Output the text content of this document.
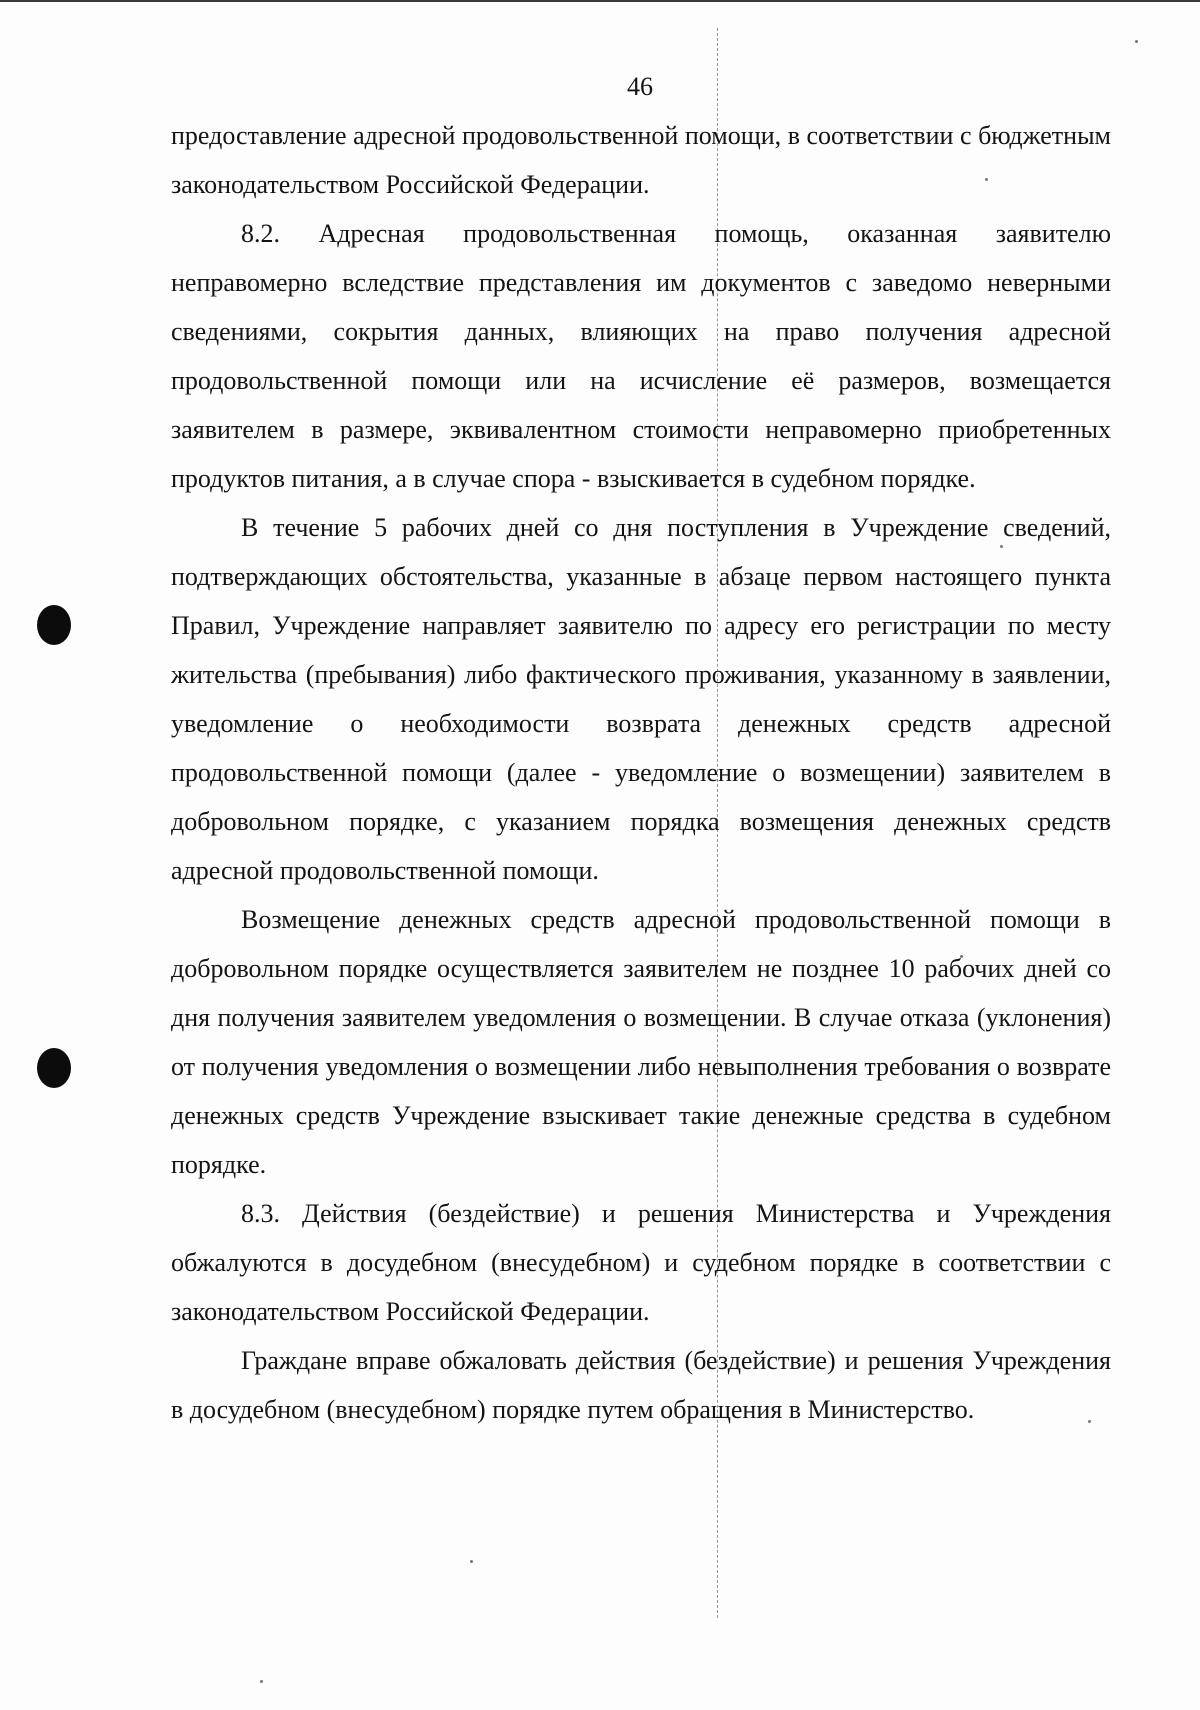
46

предоставление адресной продовольственной помощи, в соответствии с бюджетным законодательством Российской Федерации.

8.2. Адресная продовольственная помощь, оказанная заявителю неправомерно вследствие представления им документов с заведомо неверными сведениями, сокрытия данных, влияющих на право получения адресной продовольственной помощи или на исчисление её размеров, возмещается заявителем в размере, эквивалентном стоимости неправомерно приобретенных продуктов питания, а в случае спора - взыскивается в судебном порядке.

В течение 5 рабочих дней со дня поступления в Учреждение сведений, подтверждающих обстоятельства, указанные в абзаце первом настоящего пункта Правил, Учреждение направляет заявителю по адресу его регистрации по месту жительства (пребывания) либо фактического проживания, указанному в заявлении, уведомление о необходимости возврата денежных средств адресной продовольственной помощи (далее - уведомление о возмещении) заявителем в добровольном порядке, с указанием порядка возмещения денежных средств адресной продовольственной помощи.

Возмещение денежных средств адресной продовольственной помощи в добровольном порядке осуществляется заявителем не позднее 10 рабочих дней со дня получения заявителем уведомления о возмещении. В случае отказа (уклонения) от получения уведомления о возмещении либо невыполнения требования о возврате денежных средств Учреждение взыскивает такие денежные средства в судебном порядке.

8.3. Действия (бездействие) и решения Министерства и Учреждения обжалуются в досудебном (внесудебном) и судебном порядке в соответствии с законодательством Российской Федерации.

Граждане вправе обжаловать действия (бездействие) и решения Учреждения в досудебном (внесудебном) порядке путем обращения в Министерство.
